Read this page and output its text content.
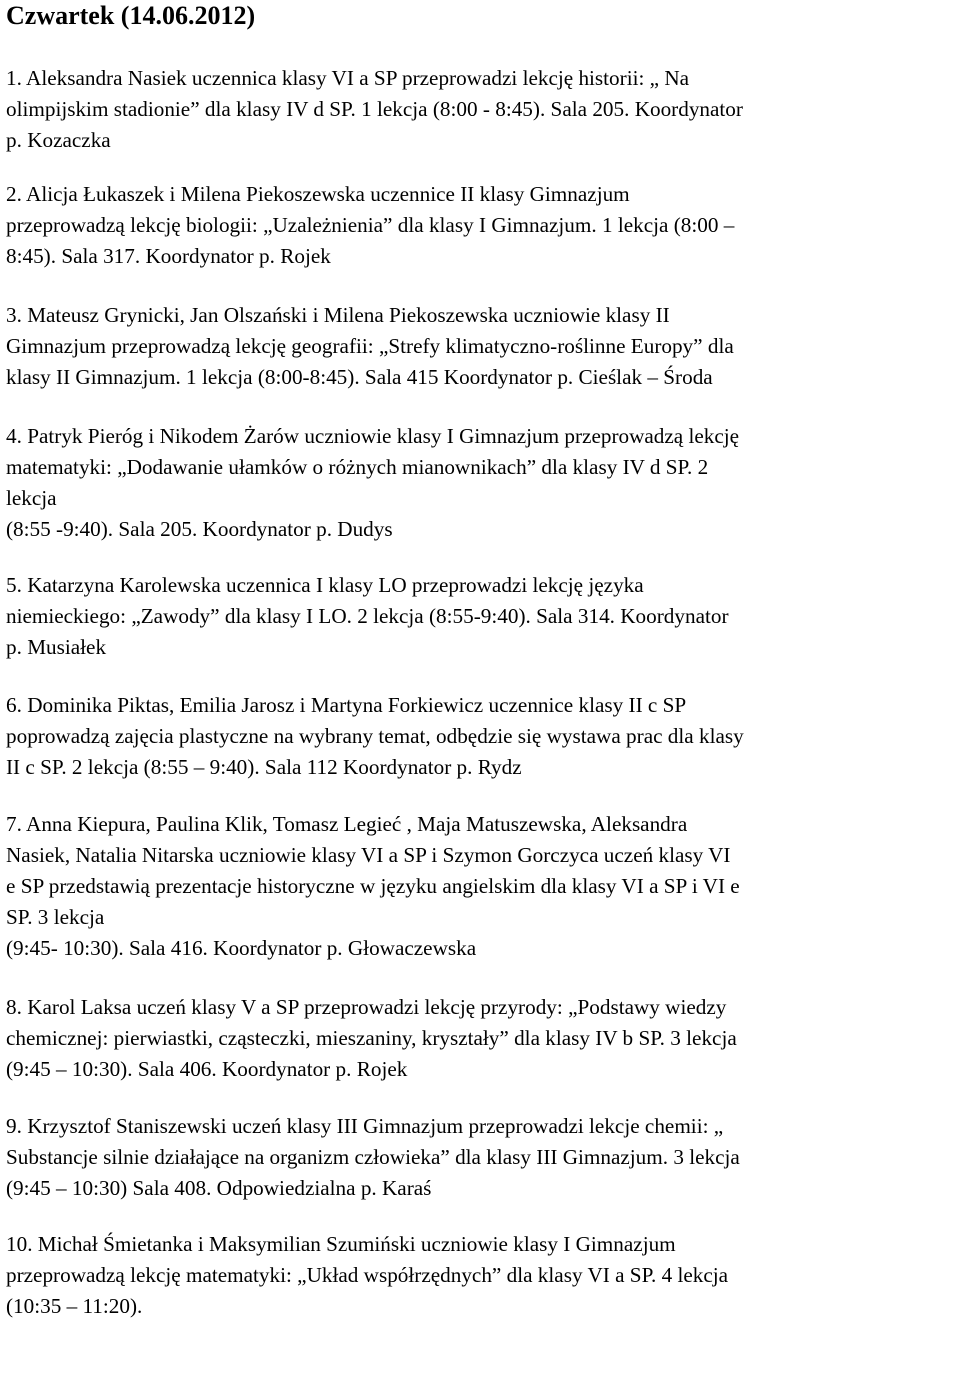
Czwartek (14.06.2012)

1. Aleksandra Nasiek uczennica klasy VI a SP przeprowadzi lekcję historii: „ Na
olimpijskim stadionie” dla klasy IV d SP. 1 lekcja (8:00 - 8:45). Sala 205. Koordynator
p. Kozaczka

2. Alicja Łukaszek i Milena Piekoszewska uczennice II klasy Gimnazjum
przeprowadzą lekcję biologii: „Uzależnienia” dla klasy I Gimnazjum. 1 lekcja (8:00 –
8:45). Sala 317. Koordynator p. Rojek

3. Mateusz Grynicki, Jan Olszański i Milena Piekoszewska uczniowie klasy II
Gimnazjum przeprowadzą lekcję geografii: „Strefy klimatyczno-roślinne Europy” dla
klasy II Gimnazjum. 1 lekcja (8:00-8:45). Sala 415 Koordynator p. Cieślak – Środa

4. Patryk Pieróg i Nikodem Żarów uczniowie klasy I Gimnazjum przeprowadzą lekcję
matematyki: „Dodawanie ułamków o różnych mianownikach” dla klasy IV d SP. 2
lekcja
(8:55 -9:40). Sala 205. Koordynator p. Dudys

5. Katarzyna Karolewska uczennica I klasy LO przeprowadzi lekcję języka
niemieckiego: „Zawody” dla klasy I LO. 2 lekcja (8:55-9:40). Sala 314. Koordynator
p. Musiałek

6. Dominika Piktas, Emilia Jarosz i Martyna Forkiewicz uczennice klasy II c SP
poprowadzą zajęcia plastyczne na wybrany temat, odbędzie się wystawa prac dla klasy
II c SP. 2 lekcja (8:55 – 9:40). Sala 112 Koordynator p. Rydz

7. Anna Kiepura, Paulina Klik, Tomasz Legieć , Maja Matuszewska, Aleksandra
Nasiek, Natalia Nitarska uczniowie klasy VI a SP i Szymon Gorczyca uczeń klasy VI
e SP przedstawią prezentacje historyczne w języku angielskim dla klasy VI a SP i VI e
SP. 3 lekcja
(9:45- 10:30). Sala 416. Koordynator p. Głowaczewska

8. Karol Laksa uczeń klasy V a SP przeprowadzi lekcję przyrody: „Podstawy wiedzy
chemicznej: pierwiastki, cząsteczki, mieszaniny, kryształy” dla klasy IV b SP. 3 lekcja
(9:45 – 10:30). Sala 406. Koordynator p. Rojek

9. Krzysztof Staniszewski uczeń klasy III Gimnazjum przeprowadzi lekcje chemii: „
Substancje silnie działające na organizm człowieka” dla klasy III Gimnazjum. 3 lekcja
(9:45 – 10:30) Sala 408. Odpowiedzialna p. Karaś

10. Michał Śmietanka i Maksymilian Szumiński uczniowie klasy I Gimnazjum
przeprowadzą lekcję matematyki: „Układ współrzędnych” dla klasy VI a SP. 4 lekcja
(10:35 – 11:20).
